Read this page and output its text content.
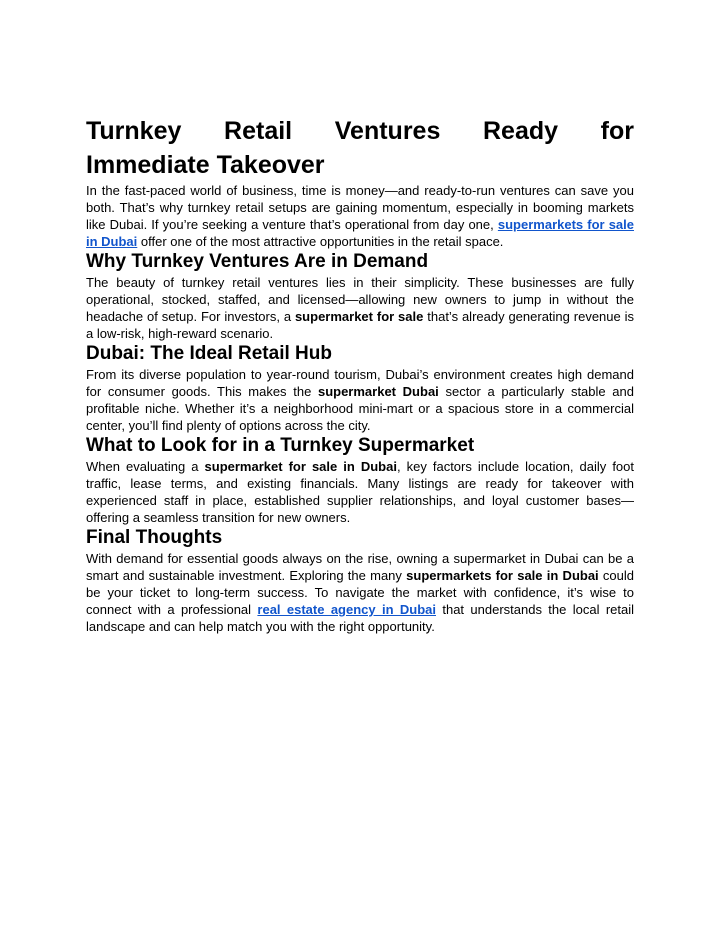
Turnkey Retail Ventures Ready for
Immediate Takeover

In the fast-paced world of business, time is money—and ready-to-run ventures can save you both. That’s why turnkey retail setups are gaining momentum, especially in booming markets like Dubai. If you’re seeking a venture that’s operational from day one, supermarkets for sale in Dubai offer one of the most attractive opportunities in the retail space.

Why Turnkey Ventures Are in Demand

The beauty of turnkey retail ventures lies in their simplicity. These businesses are fully operational, stocked, staffed, and licensed—allowing new owners to jump in without the headache of setup. For investors, a supermarket for sale that’s already generating revenue is a low-risk, high-reward scenario.

Dubai: The Ideal Retail Hub

From its diverse population to year-round tourism, Dubai’s environment creates high demand for consumer goods. This makes the supermarket Dubai sector a particularly stable and profitable niche. Whether it’s a neighborhood mini-mart or a spacious store in a commercial center, you’ll find plenty of options across the city.

What to Look for in a Turnkey Supermarket

When evaluating a supermarket for sale in Dubai, key factors include location, daily foot traffic, lease terms, and existing financials. Many listings are ready for takeover with experienced staff in place, established supplier relationships, and loyal customer bases—offering a seamless transition for new owners.

Final Thoughts

With demand for essential goods always on the rise, owning a supermarket in Dubai can be a smart and sustainable investment. Exploring the many supermarkets for sale in Dubai could be your ticket to long-term success. To navigate the market with confidence, it’s wise to connect with a professional real estate agency in Dubai that understands the local retail landscape and can help match you with the right opportunity.
